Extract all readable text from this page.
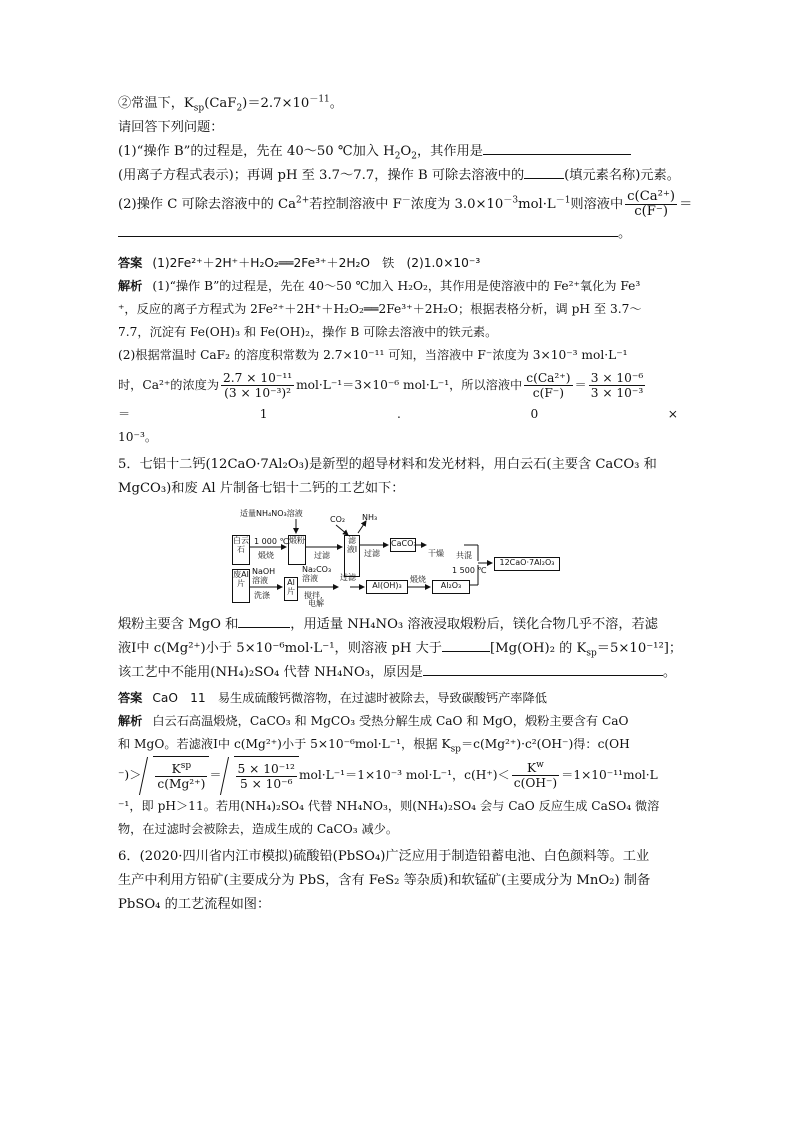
②常温下，$K_{sp}(CaF_2)=2.7\times 10^{-11}$。
请回答下列问题：
(1)“操作 B”的过程是，先在 40～50 ℃加入 $H_2O_2$，其作用是
(用离子方程式表示)；再调 pH 至 3.7～7.7，操作 B 可除去溶液中的	(填元素名称)元素。
(2)操作 C 可除去溶液中的 $Ca^{2+}$若控制溶液中 F－浓度为 $3.0\times 10^{-3}mol\cdot L^{-1}$则溶液中 $\frac{\text{c(Ca²⁺)}}{c(F^-)}$ ＝
。
答案 (1)2Fe²⁺＋2H⁺＋H₂O₂══2Fe³⁺＋2H₂O　铁　(2)1.0×10⁻³
解析 (1)“操作 B”的过程是，先在 40～50 ℃加入 H₂O₂，其作用是使溶液中的 Fe²⁺氧化为 Fe³
⁺，反应的离子方程式为 2Fe²⁺＋2H⁺＋H₂O₂══2Fe³⁺＋2H₂O；根据表格分析，调 pH 至 3.7～
7.7，沉淀有 Fe(OH)₃ 和 Fe(OH)₂，操作 B 可除去溶液中的铁元素。
(2)根据常温时 CaF₂ 的溶度积常数为 2.7×10⁻¹¹ 可知，当溶液中 F⁻浓度为 3×10⁻³ mol·L⁻¹
时，Ca²⁺的浓度为 $\frac{\text{2.7 × 10⁻¹¹}}{\text{(3 × 10⁻³)²}} mol\cdot L^{-1}=3\times 10^{-6}$ mol·L⁻¹，所以溶液中 $\frac{\text{c(Ca²⁺)}}{c(F^-)} = \frac{\text{3 × 10⁻⁶}}{\text{3 × 10⁻³}}$
＝	1	.	0	×
10⁻³。
5．七铝十二钙(12CaO·7Al₂O₃)是新型的超导材料和发光材料，用白云石(主要含 CaCO₃ 和
MgCO₃)和废 Al 片制备七铝十二钙的工艺如下：
适量NH₄NO₃溶液
CO₂ NH₃
白云石
1 000 ℃
煅烧
煅粉
过滤
滤液Ⅰ 过滤
CaCO₃
干燥 共混
1 500 ℃
12CaO·7Al₂O₃
废Al片
NaOH溶液
洗涤
Al片
Na₂CO₃溶液
搅拌,
电解
过滤
Al(OH)₃
煅烧
Al₂O₃
煅粉主要含 MgO 和	，用适量 NH₄NO₃ 溶液浸取煅粉后，镁化合物几乎不溶，若滤
液Ⅰ中 c(Mg²⁺)小于 5×10⁻⁶mol·L⁻¹，则溶液 pH 大于	[Mg(OH)₂ 的 $K_{sp}=5\times 10^{-12}$]；
该工艺中不能用(NH₄)₂SO₄ 代替 NH₄NO₃，原因是	。
答案 CaO　11　易生成硫酸钙微溶物，在过滤时被除去，导致碳酸钙产率降低
解析 白云石高温煅烧，CaCO₃ 和 MgCO₃ 受热分解生成 CaO 和 MgO，煅粉主要含有 CaO
和 MgO。若滤液Ⅰ中 c(Mg²⁺)小于 5×10⁻⁶mol·L⁻¹，根据 $K_{sp}=c(Mg^{2+})\cdot c^2(OH^-)$得：c(OH
⁻)＞ $\frac{K^{sp}}{\text{c(Mg²⁺)}} = \frac{\text{5 × 10⁻¹²}}{\text{5 × 10⁻⁶}} mol\cdot L^{-1}=1\times 10^{-3}$ mol·L⁻¹，$c(H^+)< \frac{K^w}{c(OH^-)} =1\times 10^{-11}mol\cdot L$
⁻¹，即 pH＞11。若用(NH₄)₂SO₄ 代替 NH₄NO₃，则(NH₄)₂SO₄ 会与 CaO 反应生成 CaSO₄ 微溶
物，在过滤时会被除去，造成生成的 CaCO₃ 减少。
6．(2020·四川省内江市模拟)硫酸铅(PbSO₄)广泛应用于制造铅蓄电池、白色颜料等。工业
生产中利用方铅矿(主要成分为 PbS，含有 FeS₂ 等杂质)和软锰矿(主要成分为 MnO₂) 制备
PbSO₄ 的工艺流程如图：
